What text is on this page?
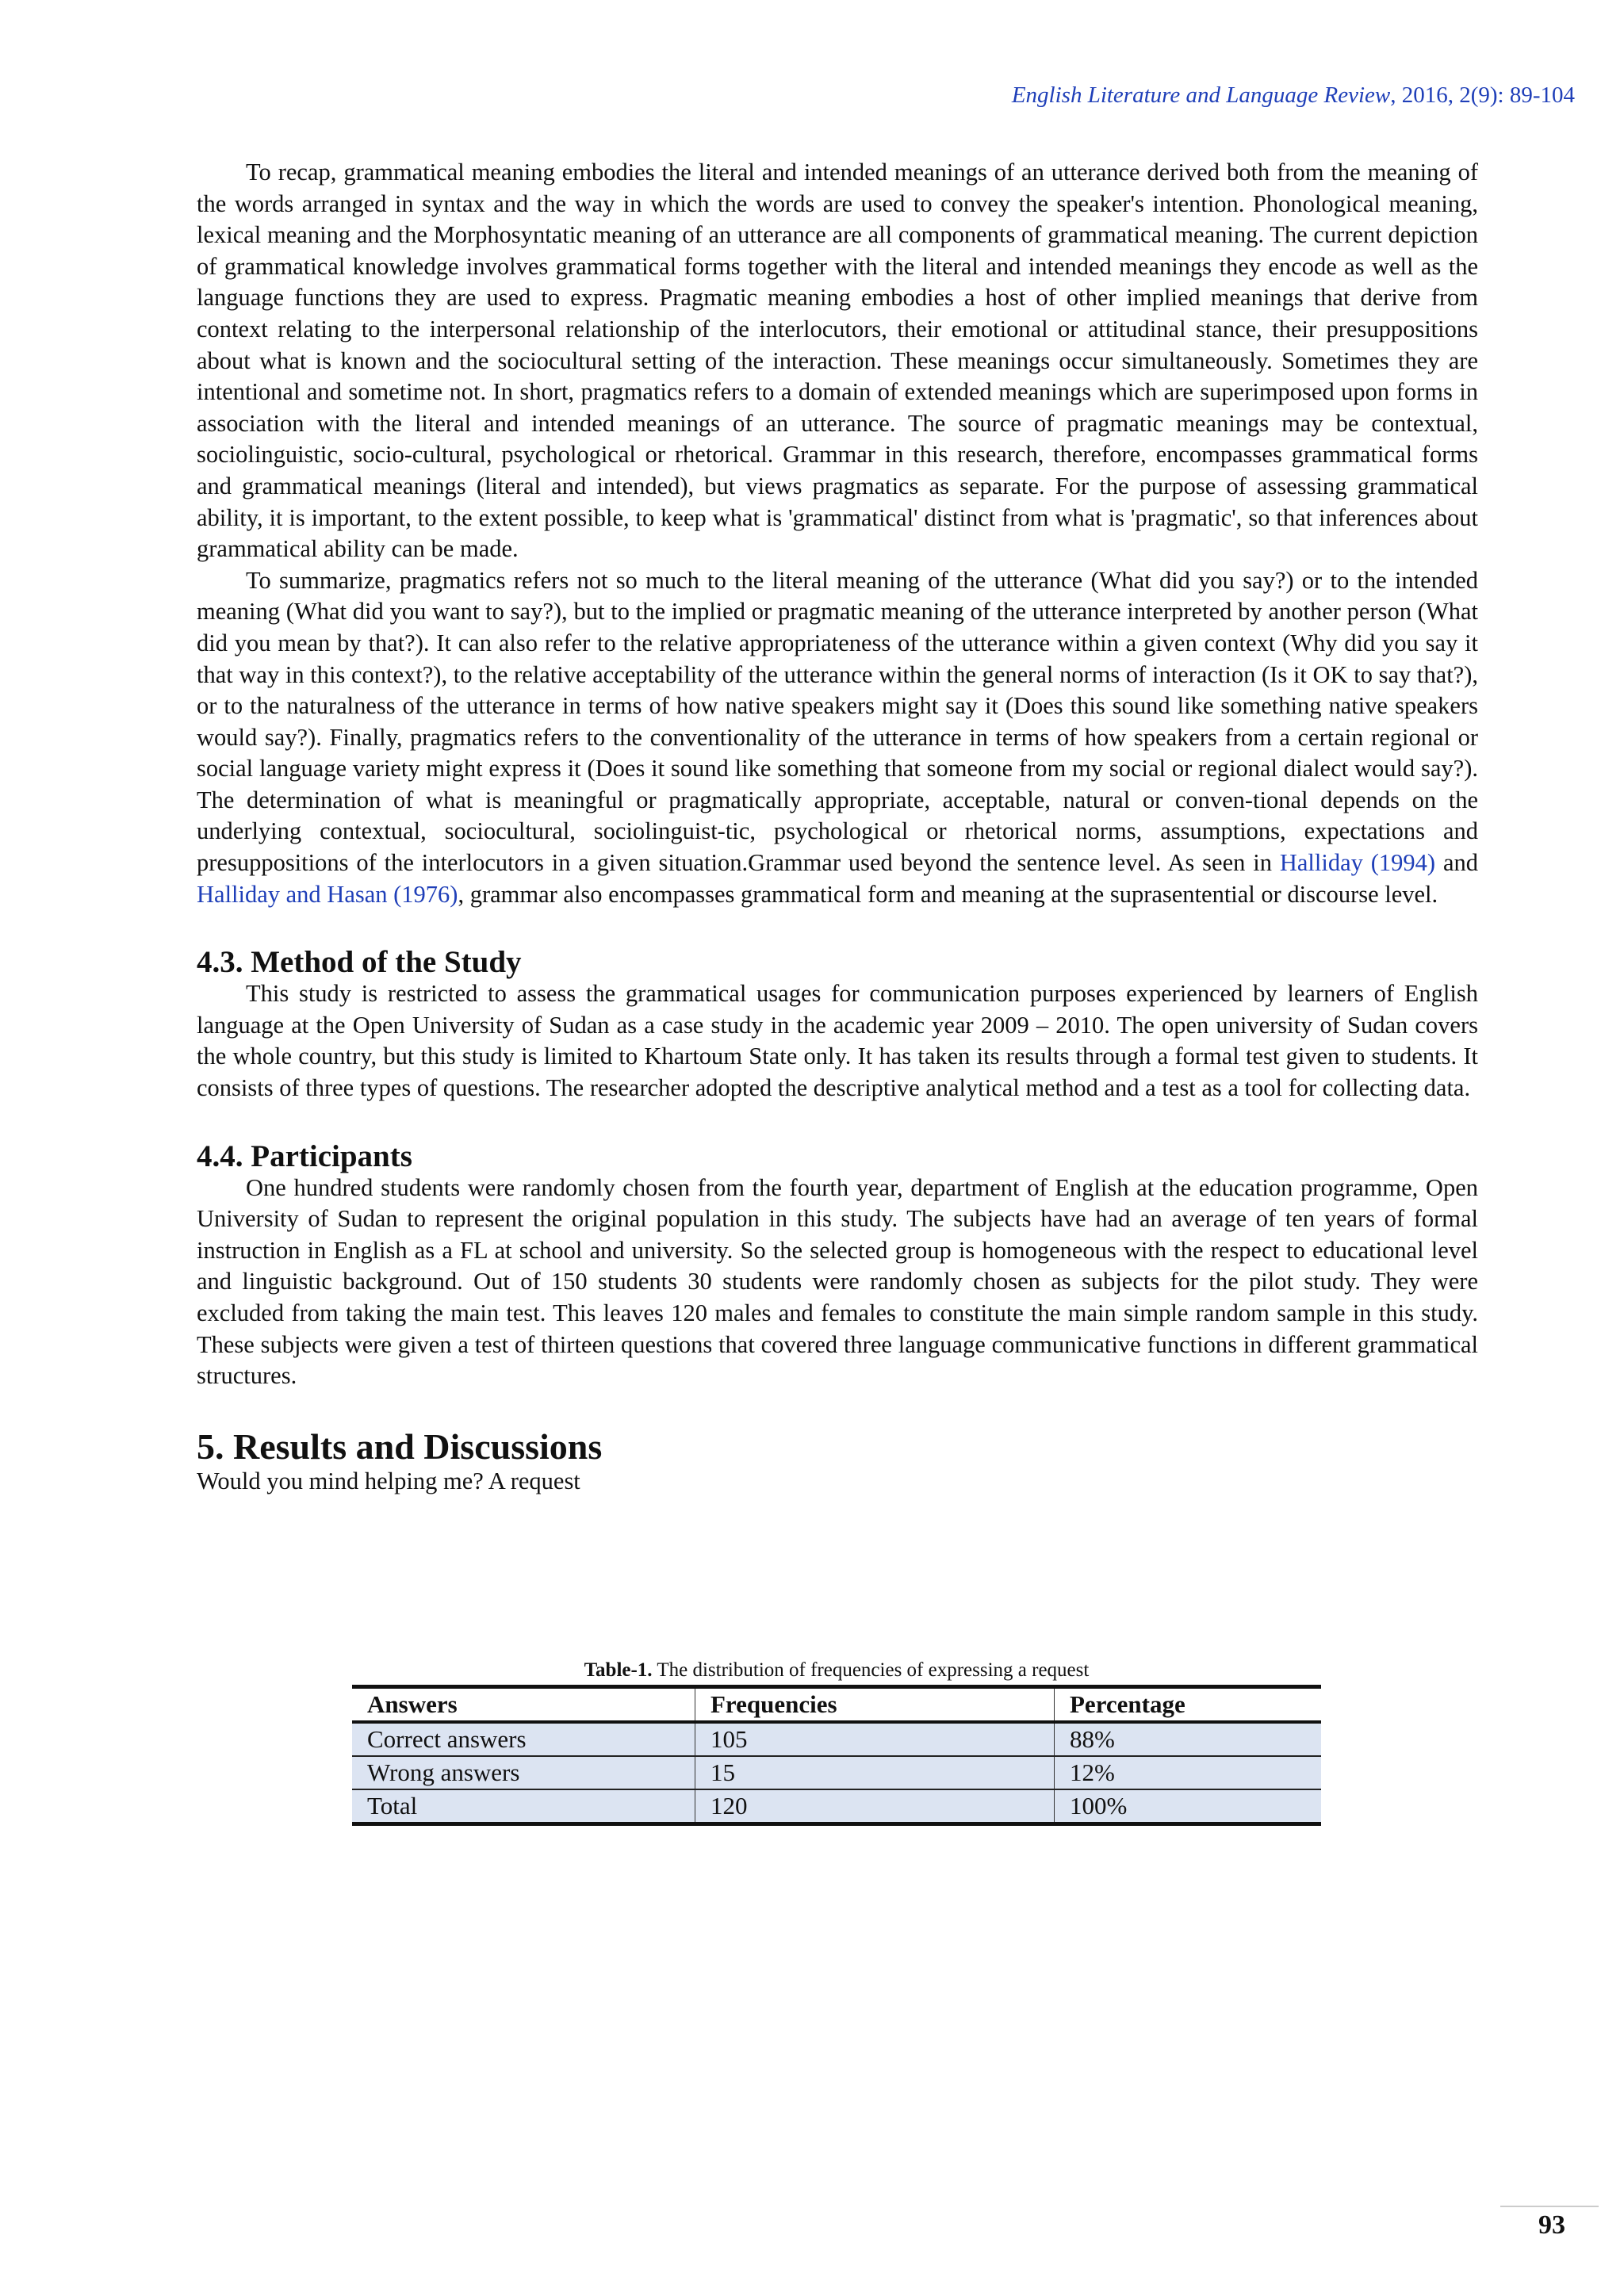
English Literature and Language Review, 2016, 2(9): 89-104

To recap, grammatical meaning embodies the literal and intended meanings of an utterance derived both from the meaning of the words arranged in syntax and the way in which the words are used to convey the speaker's intention. Phonological meaning, lexical meaning and the Morphosyntatic meaning of an utterance are all components of grammatical meaning. The current depiction of grammatical knowledge involves grammatical forms together with the literal and intended meanings they encode as well as the language functions they are used to express. Pragmatic meaning embodies a host of other implied meanings that derive from context relating to the interpersonal relationship of the interlocutors, their emotional or attitudinal stance, their presuppositions about what is known and the sociocultural setting of the interaction. These meanings occur simultaneously. Sometimes they are intentional and sometime not. In short, pragmatics refers to a domain of extended meanings which are superimposed upon forms in association with the literal and intended meanings of an utterance. The source of pragmatic meanings may be contextual, sociolinguistic, socio-cultural, psychological or rhetorical. Grammar in this research, therefore, encompasses grammatical forms and grammatical meanings (literal and intended), but views pragmatics as separate. For the purpose of assessing grammatical ability, it is important, to the extent possible, to keep what is 'grammatical' distinct from what is 'pragmatic', so that inferences about grammatical ability can be made.

To summarize, pragmatics refers not so much to the literal meaning of the utterance (What did you say?) or to the intended meaning (What did you want to say?), but to the implied or pragmatic meaning of the utterance interpreted by another person (What did you mean by that?). It can also refer to the relative appropriateness of the utterance within a given context (Why did you say it that way in this context?), to the relative acceptability of the utterance within the general norms of interaction (Is it OK to say that?), or to the naturalness of the utterance in terms of how native speakers might say it (Does this sound like something native speakers would say?). Finally, pragmatics refers to the conventionality of the utterance in terms of how speakers from a certain regional or social language variety might express it (Does it sound like something that someone from my social or regional dialect would say?). The determination of what is meaningful or pragmatically appropriate, acceptable, natural or conven-tional depends on the underlying contextual, sociocultural, sociolinguist-tic, psychological or rhetorical norms, assumptions, expectations and presuppositions of the interlocutors in a given situation.Grammar used beyond the sentence level. As seen in Halliday (1994) and Halliday and Hasan (1976), grammar also encompasses grammatical form and meaning at the suprasentential or discourse level.

4.3. Method of the Study

This study is restricted to assess the grammatical usages for communication purposes experienced by learners of English language at the Open University of Sudan as a case study in the academic year 2009 – 2010. The open university of Sudan covers the whole country, but this study is limited to Khartoum State only. It has taken its results through a formal test given to students. It consists of three types of questions. The researcher adopted the descriptive analytical method and a test as a tool for collecting data.

4.4. Participants

One hundred students were randomly chosen from the fourth year, department of English at the education programme, Open University of Sudan to represent the original population in this study. The subjects have had an average of ten years of formal instruction in English as a FL at school and university. So the selected group is homogeneous with the respect to educational level and linguistic background. Out of 150 students 30 students were randomly chosen as subjects for the pilot study. They were excluded from taking the main test. This leaves 120 males and females to constitute the main simple random sample in this study. These subjects were given a test of thirteen questions that covered three language communicative functions in different grammatical structures.

5. Results and Discussions

Would you mind helping me? A request

Table-1. The distribution of frequencies of expressing a request
Answers	Frequencies	Percentage
Correct answers	105	88%
Wrong answers	15	12%
Total	120	100%
93
